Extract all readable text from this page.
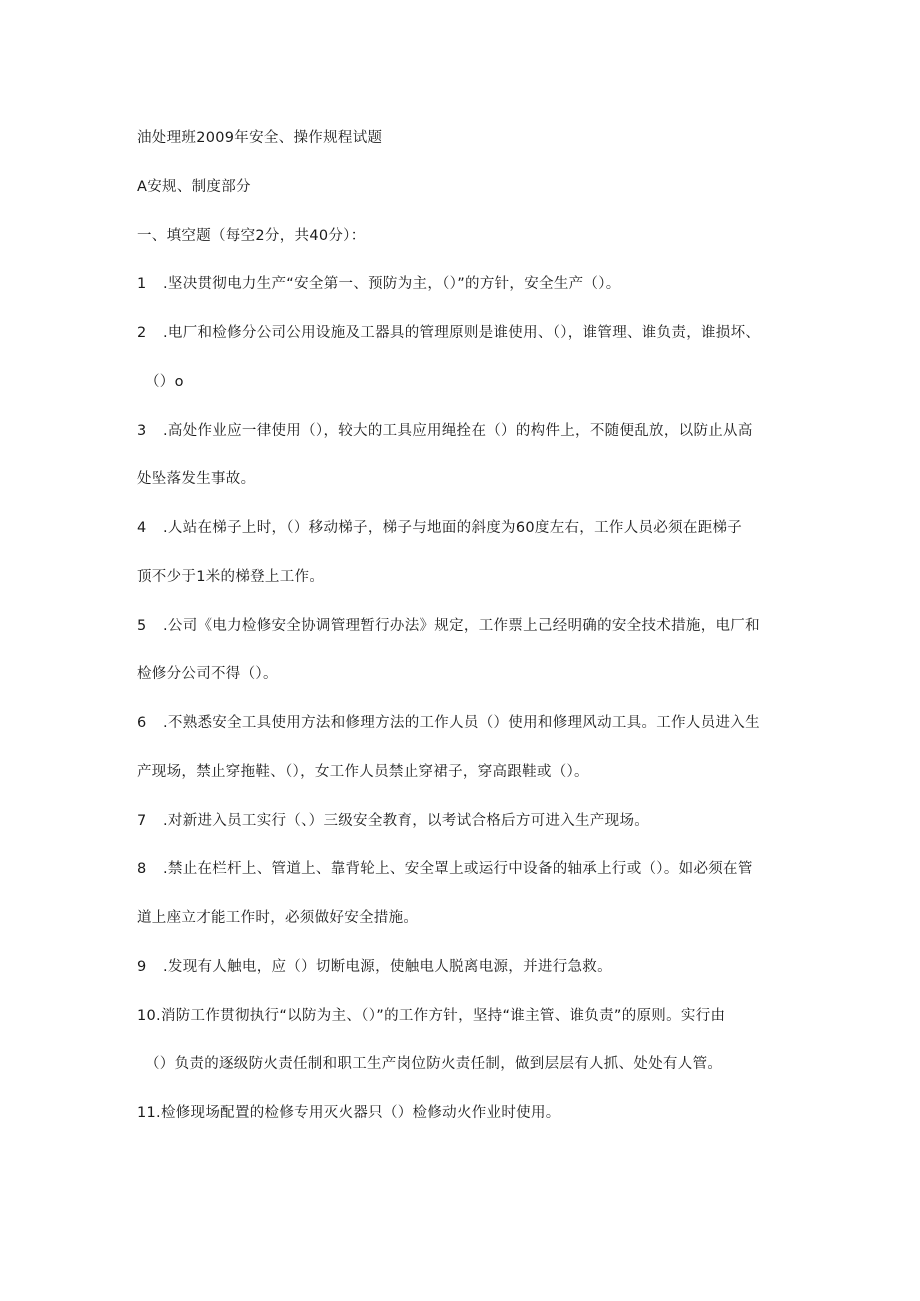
油处理班2009年安全、操作规程试题
A安规、制度部分
一、填空题（每空2分，共40分）：
1 .坚决贯彻电力生产“安全第一、预防为主，（）”的方针，安全生产（）。
2 .电厂和检修分公司公用设施及工器具的管理原则是谁使用、（），谁管理、谁负责，谁损坏、
（）o
3 .高处作业应一律使用（），较大的工具应用绳拴在（）的构件上，不随便乱放，以防止从高
处坠落发生事故。
4 .人站在梯子上时，（）移动梯子，梯子与地面的斜度为60度左右，工作人员必须在距梯子
顶不少于1米的梯登上工作。
5 .公司《电力检修安全协调管理暂行办法》规定，工作票上己经明确的安全技术措施，电厂和
检修分公司不得（）。
6 .不熟悉安全工具使用方法和修理方法的工作人员（）使用和修理风动工具。工作人员进入生
产现场，禁止穿拖鞋、（），女工作人员禁止穿裙子，穿高跟鞋或（）。
7 .对新进入员工实行（、）三级安全教育，以考试合格后方可进入生产现场。
8 .禁止在栏杆上、管道上、靠背轮上、安全罩上或运行中设备的轴承上行或（）。如必须在管
道上座立才能工作时，必须做好安全措施。
9 .发现有人触电，应（）切断电源，使触电人脱离电源，并进行急救。
10.消防工作贯彻执行“以防为主、（）”的工作方针，坚持“谁主管、谁负责”的原则。实行由
（）负责的逐级防火责任制和职工生产岗位防火责任制，做到层层有人抓、处处有人管。
11.检修现场配置的检修专用灭火器只（）检修动火作业时使用。
